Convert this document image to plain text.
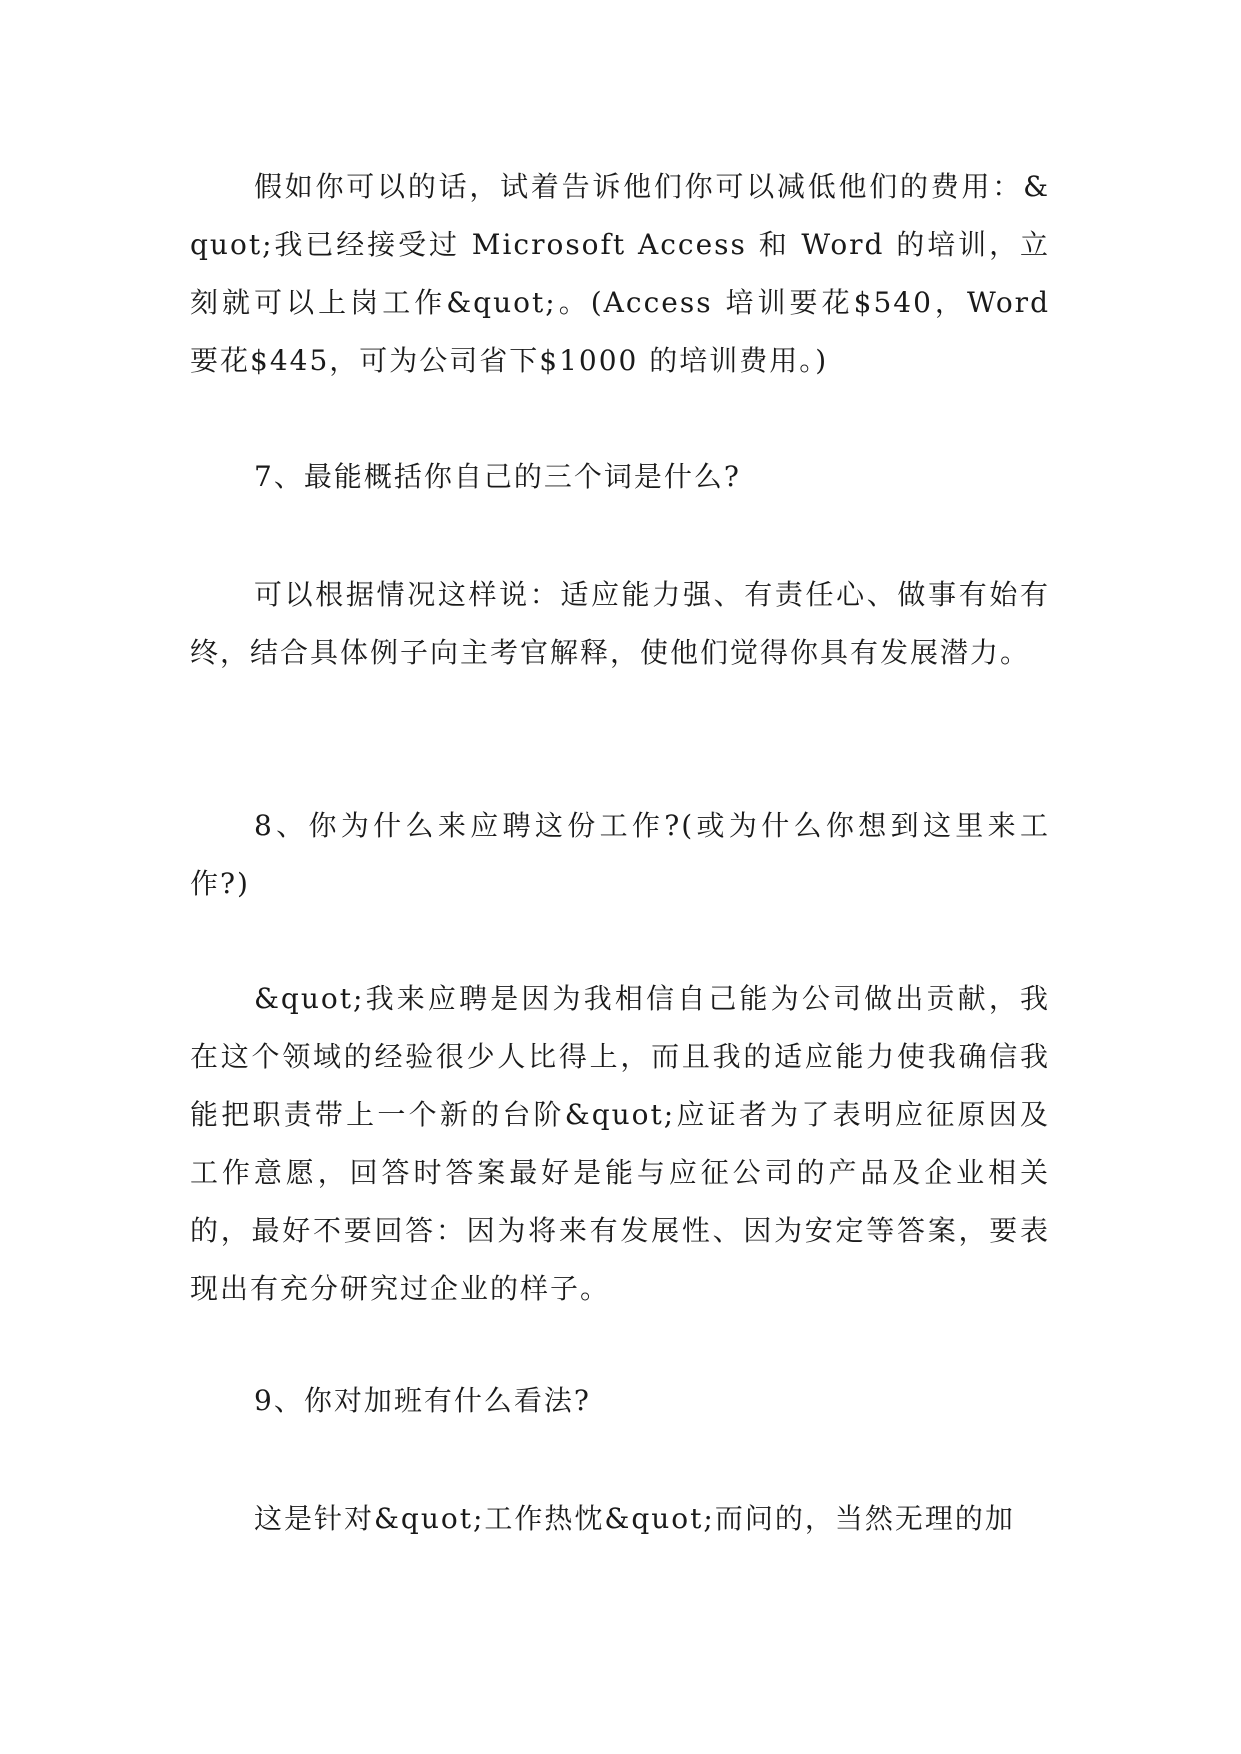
假如你可以的话，试着告诉他们你可以减低他们的费用：&quot;我已经接受过 Microsoft Access 和 Word 的培训，立刻就可以上岗工作&quot;。(Access 培训要花$540，Word 要花$445，可为公司省下$1000 的培训费用。)

7、最能概括你自己的三个词是什么?

可以根据情况这样说：适应能力强、有责任心、做事有始有终，结合具体例子向主考官解释，使他们觉得你具有发展潜力。

8、你为什么来应聘这份工作?(或为什么你想到这里来工作?)

&quot;我来应聘是因为我相信自己能为公司做出贡献，我在这个领域的经验很少人比得上，而且我的适应能力使我确信我能把职责带上一个新的台阶&quot;应证者为了表明应征原因及工作意愿，回答时答案最好是能与应征公司的产品及企业相关的，最好不要回答：因为将来有发展性、因为安定等答案，要表现出有充分研究过企业的样子。

9、你对加班有什么看法?

这是针对&quot;工作热忱&quot;而问的，当然无理的加
